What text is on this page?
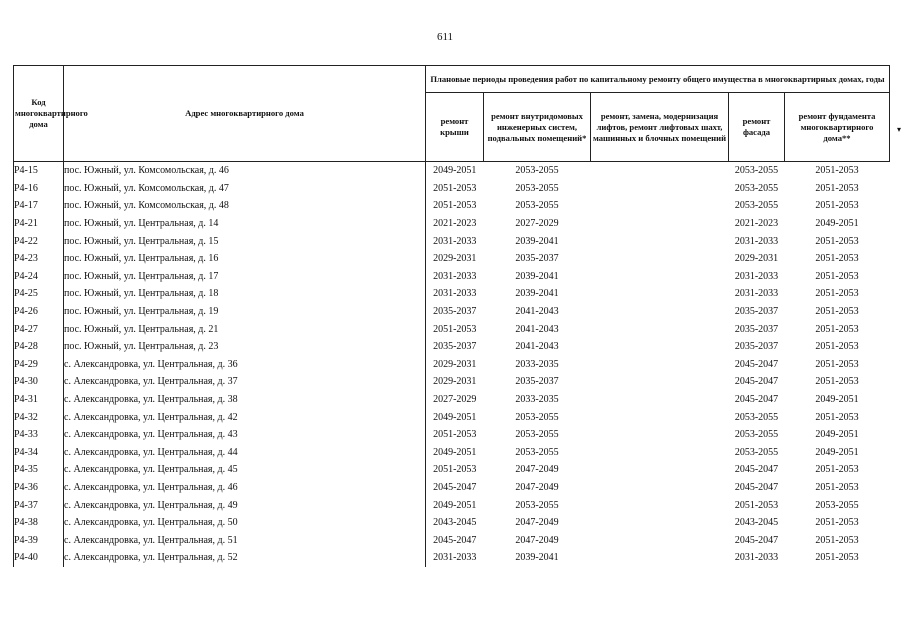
611
▾
Код многоквартирного дома	Адрес многоквартирного дома	Плановые периоды проведения работ по капитальному ремонту общего имущества в многоквартирных домах, годы				
		ремонт крыши	ремонт внутридомовых инженерных систем, подвальных помещений*	ремонт, замена, модернизация лифтов, ремонт лифтовых шахт, машинных и блочных помещений	ремонт фасада	ремонт фундамента многоквартирного дома**
Р4-15	пос. Южный, ул. Комсомольская, д. 46	2049-2051	2053-2055		2053-2055	2051-2053
Р4-16	пос. Южный, ул. Комсомольская, д. 47	2051-2053	2053-2055		2053-2055	2051-2053
Р4-17	пос. Южный, ул. Комсомольская, д. 48	2051-2053	2053-2055		2053-2055	2051-2053
Р4-21	пос. Южный, ул. Центральная, д. 14	2021-2023	2027-2029		2021-2023	2049-2051
Р4-22	пос. Южный, ул. Центральная, д. 15	2031-2033	2039-2041		2031-2033	2051-2053
Р4-23	пос. Южный, ул. Центральная, д. 16	2029-2031	2035-2037		2029-2031	2051-2053
Р4-24	пос. Южный, ул. Центральная, д. 17	2031-2033	2039-2041		2031-2033	2051-2053
Р4-25	пос. Южный, ул. Центральная, д. 18	2031-2033	2039-2041		2031-2033	2051-2053
Р4-26	пос. Южный, ул. Центральная, д. 19	2035-2037	2041-2043		2035-2037	2051-2053
Р4-27	пос. Южный, ул. Центральная, д. 21	2051-2053	2041-2043		2035-2037	2051-2053
Р4-28	пос. Южный, ул. Центральная, д. 23	2035-2037	2041-2043		2035-2037	2051-2053
Р4-29	с. Александровка, ул. Центральная, д. 36	2029-2031	2033-2035		2045-2047	2051-2053
Р4-30	с. Александровка, ул. Центральная, д. 37	2029-2031	2035-2037		2045-2047	2051-2053
Р4-31	с. Александровка, ул. Центральная, д. 38	2027-2029	2033-2035		2045-2047	2049-2051
Р4-32	с. Александровка, ул. Центральная, д. 42	2049-2051	2053-2055		2053-2055	2051-2053
Р4-33	с. Александровка, ул. Центральная, д. 43	2051-2053	2053-2055		2053-2055	2049-2051
Р4-34	с. Александровка, ул. Центральная, д. 44	2049-2051	2053-2055		2053-2055	2049-2051
Р4-35	с. Александровка, ул. Центральная, д. 45	2051-2053	2047-2049		2045-2047	2051-2053
Р4-36	с. Александровка, ул. Центральная, д. 46	2045-2047	2047-2049		2045-2047	2051-2053
Р4-37	с. Александровка, ул. Центральная, д. 49	2049-2051	2053-2055		2051-2053	2053-2055
Р4-38	с. Александровка, ул. Центральная, д. 50	2043-2045	2047-2049		2043-2045	2051-2053
Р4-39	с. Александровка, ул. Центральная, д. 51	2045-2047	2047-2049		2045-2047	2051-2053
Р4-40	с. Александровка, ул. Центральная, д. 52	2031-2033	2039-2041		2031-2033	2051-2053
